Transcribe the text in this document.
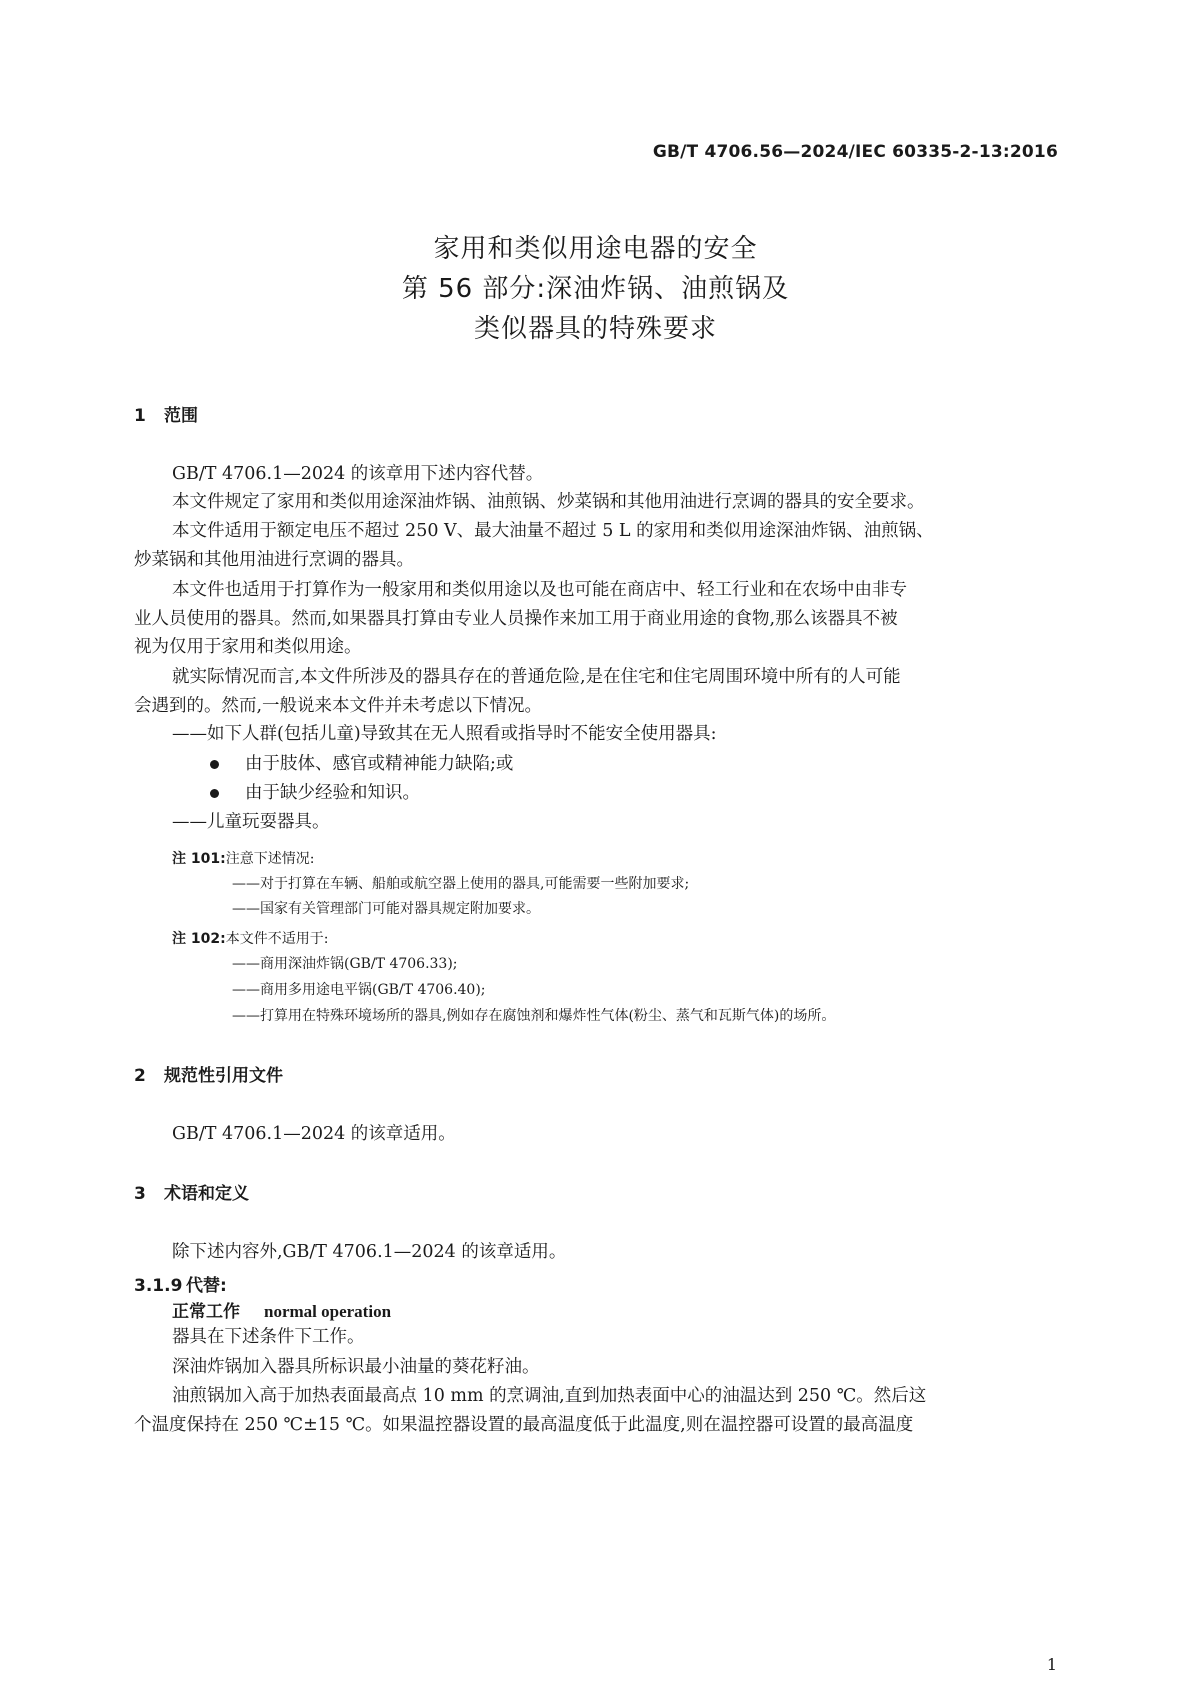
GB/T 4706.56—2024/IEC 60335-2-13:2016
家用和类似用途电器的安全
第 56 部分:深油炸锅、油煎锅及
类似器具的特殊要求
1 范围
GB/T 4706.1—2024 的该章用下述内容代替。
本文件规定了家用和类似用途深油炸锅、油煎锅、炒菜锅和其他用油进行烹调的器具的安全要求。
本文件适用于额定电压不超过 250 V、最大油量不超过 5 L 的家用和类似用途深油炸锅、油煎锅、
炒菜锅和其他用油进行烹调的器具。
本文件也适用于打算作为一般家用和类似用途以及也可能在商店中、轻工行业和在农场中由非专
业人员使用的器具。然而,如果器具打算由专业人员操作来加工用于商业用途的食物,那么该器具不被
视为仅用于家用和类似用途。
就实际情况而言,本文件所涉及的器具存在的普通危险,是在住宅和住宅周围环境中所有的人可能
会遇到的。然而,一般说来本文件并未考虑以下情况。
——如下人群(包括儿童)导致其在无人照看或指导时不能安全使用器具:
由于肢体、感官或精神能力缺陷;或
由于缺少经验和知识。
——儿童玩耍器具。
注 101:注意下述情况:
——对于打算在车辆、船舶或航空器上使用的器具,可能需要一些附加要求;
——国家有关管理部门可能对器具规定附加要求。
注 102:本文件不适用于:
——商用深油炸锅(GB/T 4706.33);
——商用多用途电平锅(GB/T 4706.40);
——打算用在特殊环境场所的器具,例如存在腐蚀剂和爆炸性气体(粉尘、蒸气和瓦斯气体)的场所。
2 规范性引用文件
GB/T 4706.1—2024 的该章适用。
3 术语和定义
除下述内容外,GB/T 4706.1—2024 的该章适用。
3.1.9 代替:
正常工作 normal operation
器具在下述条件下工作。
深油炸锅加入器具所标识最小油量的葵花籽油。
油煎锅加入高于加热表面最高点 10 mm 的烹调油,直到加热表面中心的油温达到 250 ℃。然后这
个温度保持在 250 ℃±15 ℃。如果温控器设置的最高温度低于此温度,则在温控器可设置的最高温度
1
